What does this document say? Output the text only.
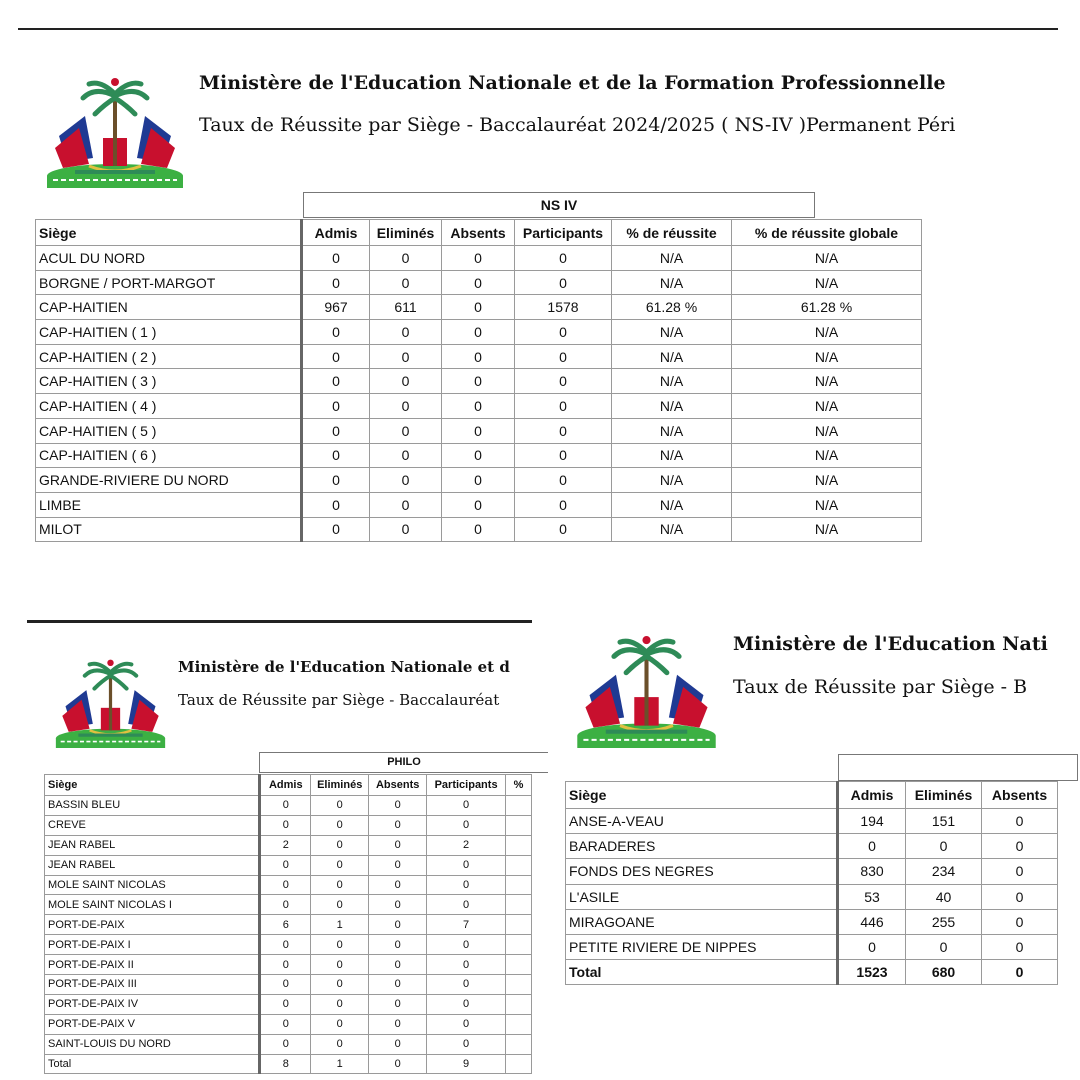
Ministère de l'Education Nationale et de la Formation Professionnelle
Taux de Réussite par Siège - Baccalauréat 2024/2025 ( NS-IV )Permanent Péri
NS IV
Siège	Admis	Eliminés	Absents	Participants	% de réussite	% de réussite globale
ACUL DU NORD	0	0	0	0	N/A	N/A
BORGNE / PORT-MARGOT	0	0	0	0	N/A	N/A
CAP-HAITIEN	967	611	0	1578	61.28 %	61.28 %
CAP-HAITIEN ( 1 )	0	0	0	0	N/A	N/A
CAP-HAITIEN ( 2 )	0	0	0	0	N/A	N/A
CAP-HAITIEN ( 3 )	0	0	0	0	N/A	N/A
CAP-HAITIEN ( 4 )	0	0	0	0	N/A	N/A
CAP-HAITIEN ( 5 )	0	0	0	0	N/A	N/A
CAP-HAITIEN ( 6 )	0	0	0	0	N/A	N/A
GRANDE-RIVIERE DU NORD	0	0	0	0	N/A	N/A
LIMBE	0	0	0	0	N/A	N/A
MILOT	0	0	0	0	N/A	N/A
Ministère de l'Education Nationale et d
Taux de Réussite par Siège - Baccalauréat
PHILO
Siège	Admis	Eliminés	Absents	Participants	%
BASSIN BLEU	0	0	0	0	
CREVE	0	0	0	0	
JEAN RABEL	2	0	0	2	
JEAN RABEL	0	0	0	0	
MOLE SAINT NICOLAS	0	0	0	0	
MOLE SAINT NICOLAS I	0	0	0	0	
PORT-DE-PAIX	6	1	0	7	
PORT-DE-PAIX I	0	0	0	0	
PORT-DE-PAIX II	0	0	0	0	
PORT-DE-PAIX III	0	0	0	0	
PORT-DE-PAIX IV	0	0	0	0	
PORT-DE-PAIX V	0	0	0	0	
SAINT-LOUIS DU NORD	0	0	0	0	
Total	8	1	0	9	
Ministère de l'Education Nati
Taux de Réussite par Siège - B
Siège	Admis	Eliminés	Absents
ANSE-A-VEAU	194	151	0
BARADERES	0	0	0
FONDS DES NEGRES	830	234	0
L'ASILE	53	40	0
MIRAGOANE	446	255	0
PETITE RIVIERE DE NIPPES	0	0	0
Total	1523	680	0
